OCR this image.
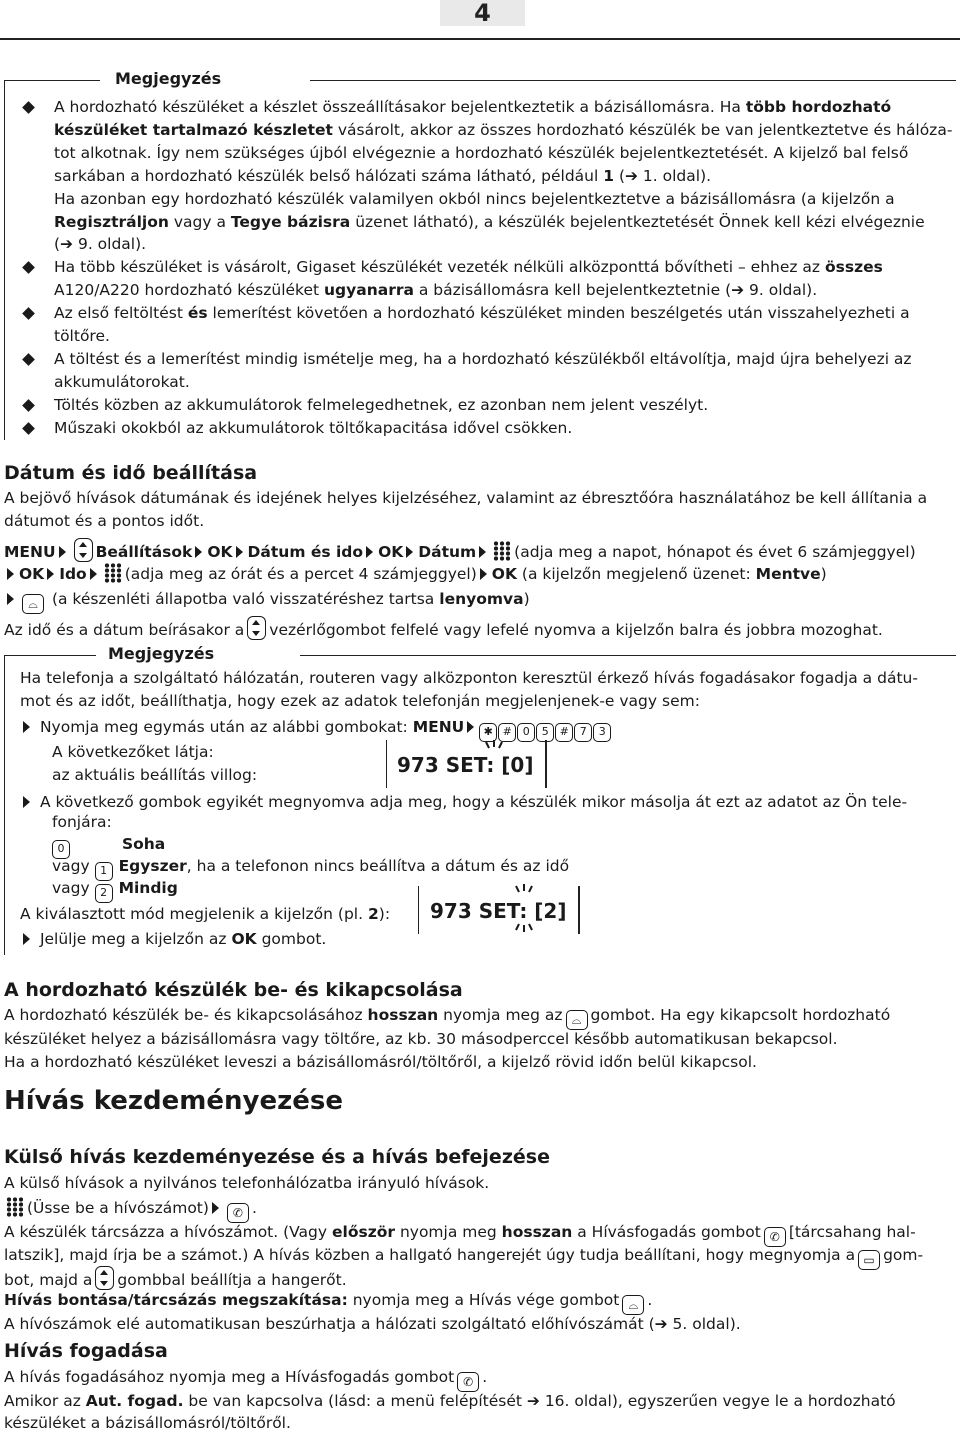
4
Megjegyzés
A hordozható készüléket a készlet összeállításakor bejelentkeztetik a bázisállomásra. Ha több hordozható
készüléket tartalmazó készletet vásárolt, akkor az összes hordozható készülék be van jelentkeztetve és hálóza-
tot alkotnak. Így nem szükséges újból elvégeznie a hordozható készülék bejelentkeztetését. A kijelző bal felső
sarkában a hordozható készülék belső hálózati száma látható, például 1 (➔ 1. oldal).
Ha azonban egy hordozható készülék valamilyen okból nincs bejelentkeztetve a bázisállomásra (a kijelzőn a
Regisztráljon vagy a Tegye bázisra üzenet látható), a készülék bejelentkeztetését Önnek kell kézi elvégeznie
(➔ 9. oldal).
Ha több készüléket is vásárolt, Gigaset készülékét vezeték nélküli alközponttá bővítheti – ehhez az összes
A120/A220 hordozható készüléket ugyanarra a bázisállomásra kell bejelentkeztetnie (➔ 9. oldal).
Az első feltöltést és lemerítést követően a hordozható készüléket minden beszélgetés után visszahelyezheti a
töltőre.
A töltést és a lemerítést mindig ismételje meg, ha a hordozható készülékből eltávolítja, majd újra behelyezi az
akkumulátorokat.
Töltés közben az akkumulátorok felmelegedhetnek, ez azonban nem jelent veszélyt.
Műszaki okokból az akkumulátorok töltőkapacitása idővel csökken.
Dátum és idő beállítása
A bejövő hívások dátumának és idejének helyes kijelzéséhez, valamint az ébresztőóra használatához be kell állítania a
dátumot és a pontos időt.
MENU	Beállítások OK Dátum és ido OK Dátum (adja meg a napot, hónapot és évet 6 számjeggyel)
OK Ido (adja meg az órát és a percet 4 számjeggyel) OK (a kijelzőn megjelenő üzenet: Mentve)
⌓ (a készenléti állapotba való visszatéréshez tartsa lenyomva)
Az idő és a dátum beírásakor a vezérlőgombot felfelé vagy lefelé nyomva a kijelzőn balra és jobbra mozoghat.
Megjegyzés
Ha telefonja a szolgáltató hálózatán, routeren vagy alközponton keresztül érkező hívás fogadásakor fogadja a dátu-
mot és az időt, beállíthatja, hogy ezek az adatok telefonján megjelenjenek-e vagy sem:
Nyomja meg egymás után az alábbi gombokat: MENU ✱ # 0 5 # 7 3
A következőket látja:
az aktuális beállítás villog:	973 SET: [0]
A következő gombok egyikét megnyomva adja meg, hogy a készülék mikor másolja át ezt az adatot az Ön tele-
fonjára:
0	Soha
vagy 1 Egyszer, ha a telefonon nincs beállítva a dátum és az idő
vagy 2 Mindig
A kiválasztott mód megjelenik a kijelzőn (pl. 2): 973 SET: [2]
Jelülje meg a kijelzőn az OK gombot.
A hordozható készülék be- és kikapcsolása
A hordozható készülék be- és kikapcsolásához hosszan nyomja meg az ⌓ gombot. Ha egy kikapcsolt hordozható
készüléket helyez a bázisállomásra vagy töltőre, az kb. 30 másodperccel később automatikusan bekapcsol.
Ha a hordozható készüléket leveszi a bázisállomásról/töltőről, a kijelző rövid időn belül kikapcsol.
Hívás kezdeményezése
Külső hívás kezdeményezése és a hívás befejezése
A külső hívások a nyilvános telefonhálózatba irányuló hívások.
(Üsse be a hívószámot) ✆ .
A készülék tárcsázza a hívószámot. (Vagy először nyomja meg hosszan a Hívásfogadás gombot ✆ [tárcsahang hal-
latszik], majd írja be a számot.) A hívás közben a hallgató hangerejét úgy tudja beállítani, hogy megnyomja a ▭ gom-
bot, majd a gombbal beállítja a hangerőt.
Hívás bontása/tárcsázás megszakítása: nyomja meg a Hívás vége gombot ⌓ .
A hívószámok elé automatikusan beszúrhatja a hálózati szolgáltató előhívószámát (➔ 5. oldal).
Hívás fogadása
A hívás fogadásához nyomja meg a Hívásfogadás gombot ✆ .
Amikor az Aut. fogad. be van kapcsolva (lásd: a menü felépítését ➔ 16. oldal), egyszerűen vegye le a hordozható
készüléket a bázisállomásról/töltőről.
